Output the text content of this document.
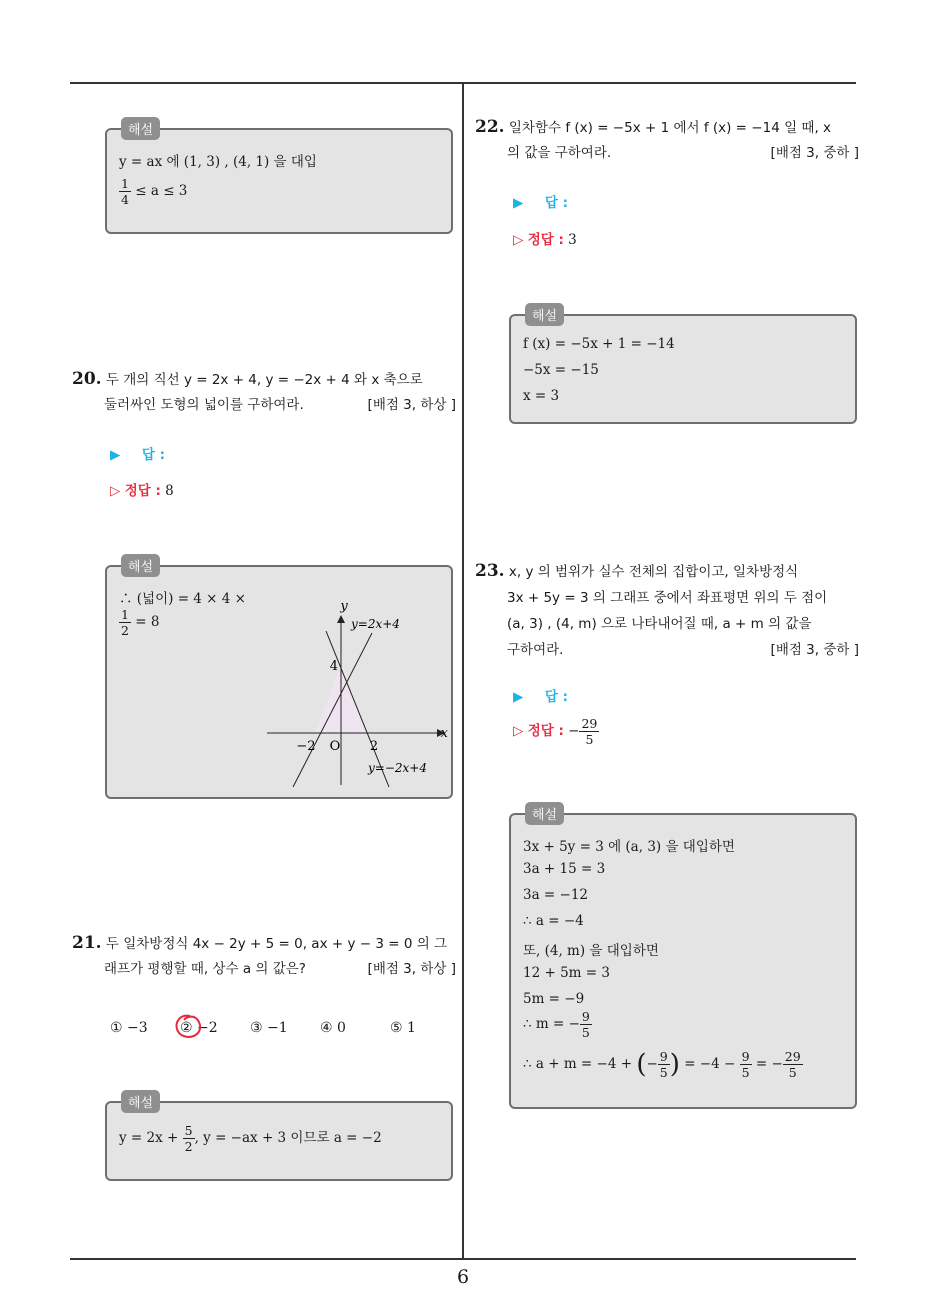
해설
y = ax 에 (1, 3) , (4, 1) 을 대입
$\frac{1}{4} \le a \le 3$
20. 두 개의 직선 y = 2x + 4, y = −2x + 4 와 x 축으로
둘러싸인 도형의 넓이를 구하여라.	[배점 3, 하상 ]
▶ 답 :
▷ 정답 : 8
해설
∴ (넓이) = 4 × 4 ×
$\frac{1}{2} = 8$
x
y
O
−2	2
4
y=2x+4
y=−2x+4
21. 두 일차방정식 4x − 2y + 5 = 0, ax + y − 3 = 0 의 그
래프가 평행할 때, 상수 a 의 값은?	[배점 3, 하상 ]
① −3 ② −2 ③ −1 ④ 0	⑤ 1
해설
$y = 2x + \frac{5}{2}$ , y = −ax + 3 이므로 a = −2
22. 일차함수 f (x) = −5x + 1 에서 f (x) = −14 일 때, x
의 값을 구하여라.	[배점 3, 중하 ]
▶ 답 :
▷ 정답 : 3
해설
f (x) = −5x + 1 = −14
−5x = −15
x = 3
23. x, y 의 범위가 실수 전체의 집합이고, 일차방정식
3x + 5y = 3 의 그래프 중에서 좌표평면 위의 두 점이
(a, 3) , (4, m) 으로 나타내어질 때, a + m 의 값을
구하여라.	[배점 3, 중하 ]
▶ 답 :
▷ 정답 : − $\frac{29}{5}$
해설
3x + 5y = 3 에 (a, 3) 을 대입하면
3a + 15 = 3
3a = −12
∴ a = −4
또, (4, m) 을 대입하면
12 + 5m = 3
5m = −9
∴ m = − $\frac{9}{5}$
∴ a + m = −4 + (− $\frac{9}{5}$ ) = $-4 - \frac{9}{5}$ = − $\frac{29}{5}$
6
